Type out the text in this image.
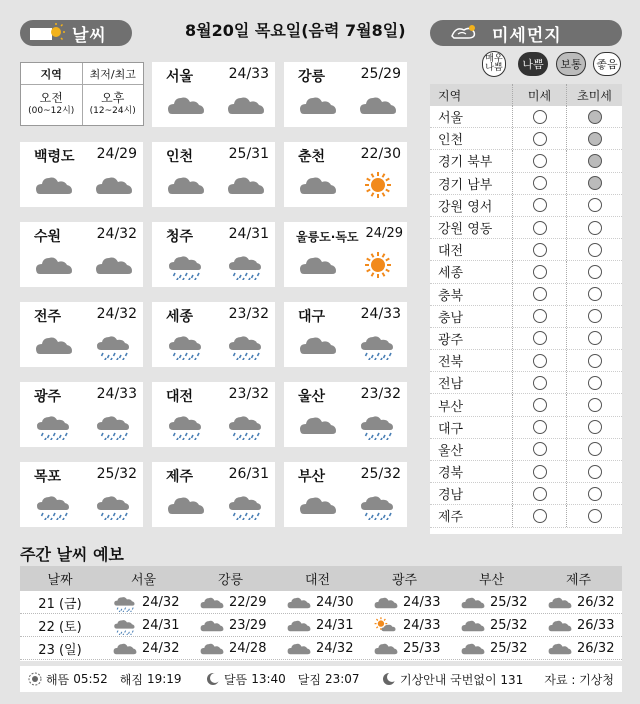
날씨	8월20일 목요일(음력 7월8일)	미세먼지
지역	최저/최고
오전
(00~12시)
오후
(12~24시)
서울	24/33 강릉	25/29
백령도 24/29 인천	25/31 춘천	22/30
수원	24/32 청주	24/31 울릉도·독도 24/29
전주	24/32 세종	23/32 대구	24/33
광주	24/33 대전	23/32 울산	23/32
목포	25/32 제주	26/31 부산	25/32
매우나쁨 나쁨 보통 좋음
지역	미세	초미세
서울
인천
경기 북부
경기 남부
강원 영서
강원 영동
대전
세종
충북
충남
광주
전북
전남
부산
대구
울산
경북
경남
제주
주간 날씨 예보
날짜	서울	강릉	대전	광주	부산	제주
21 (금)	24/32	22/29	24/30	24/33	25/32	26/32
22 (토)	24/31	23/29	24/31	24/33	25/32	26/33
23 (일)	24/32	24/28	24/32	25/33	25/32	26/32
해뜸 05:52 해짐 19:19	달뜸 13:40 달짐 23:07	기상안내 국번없이 131 자료 : 기상청
